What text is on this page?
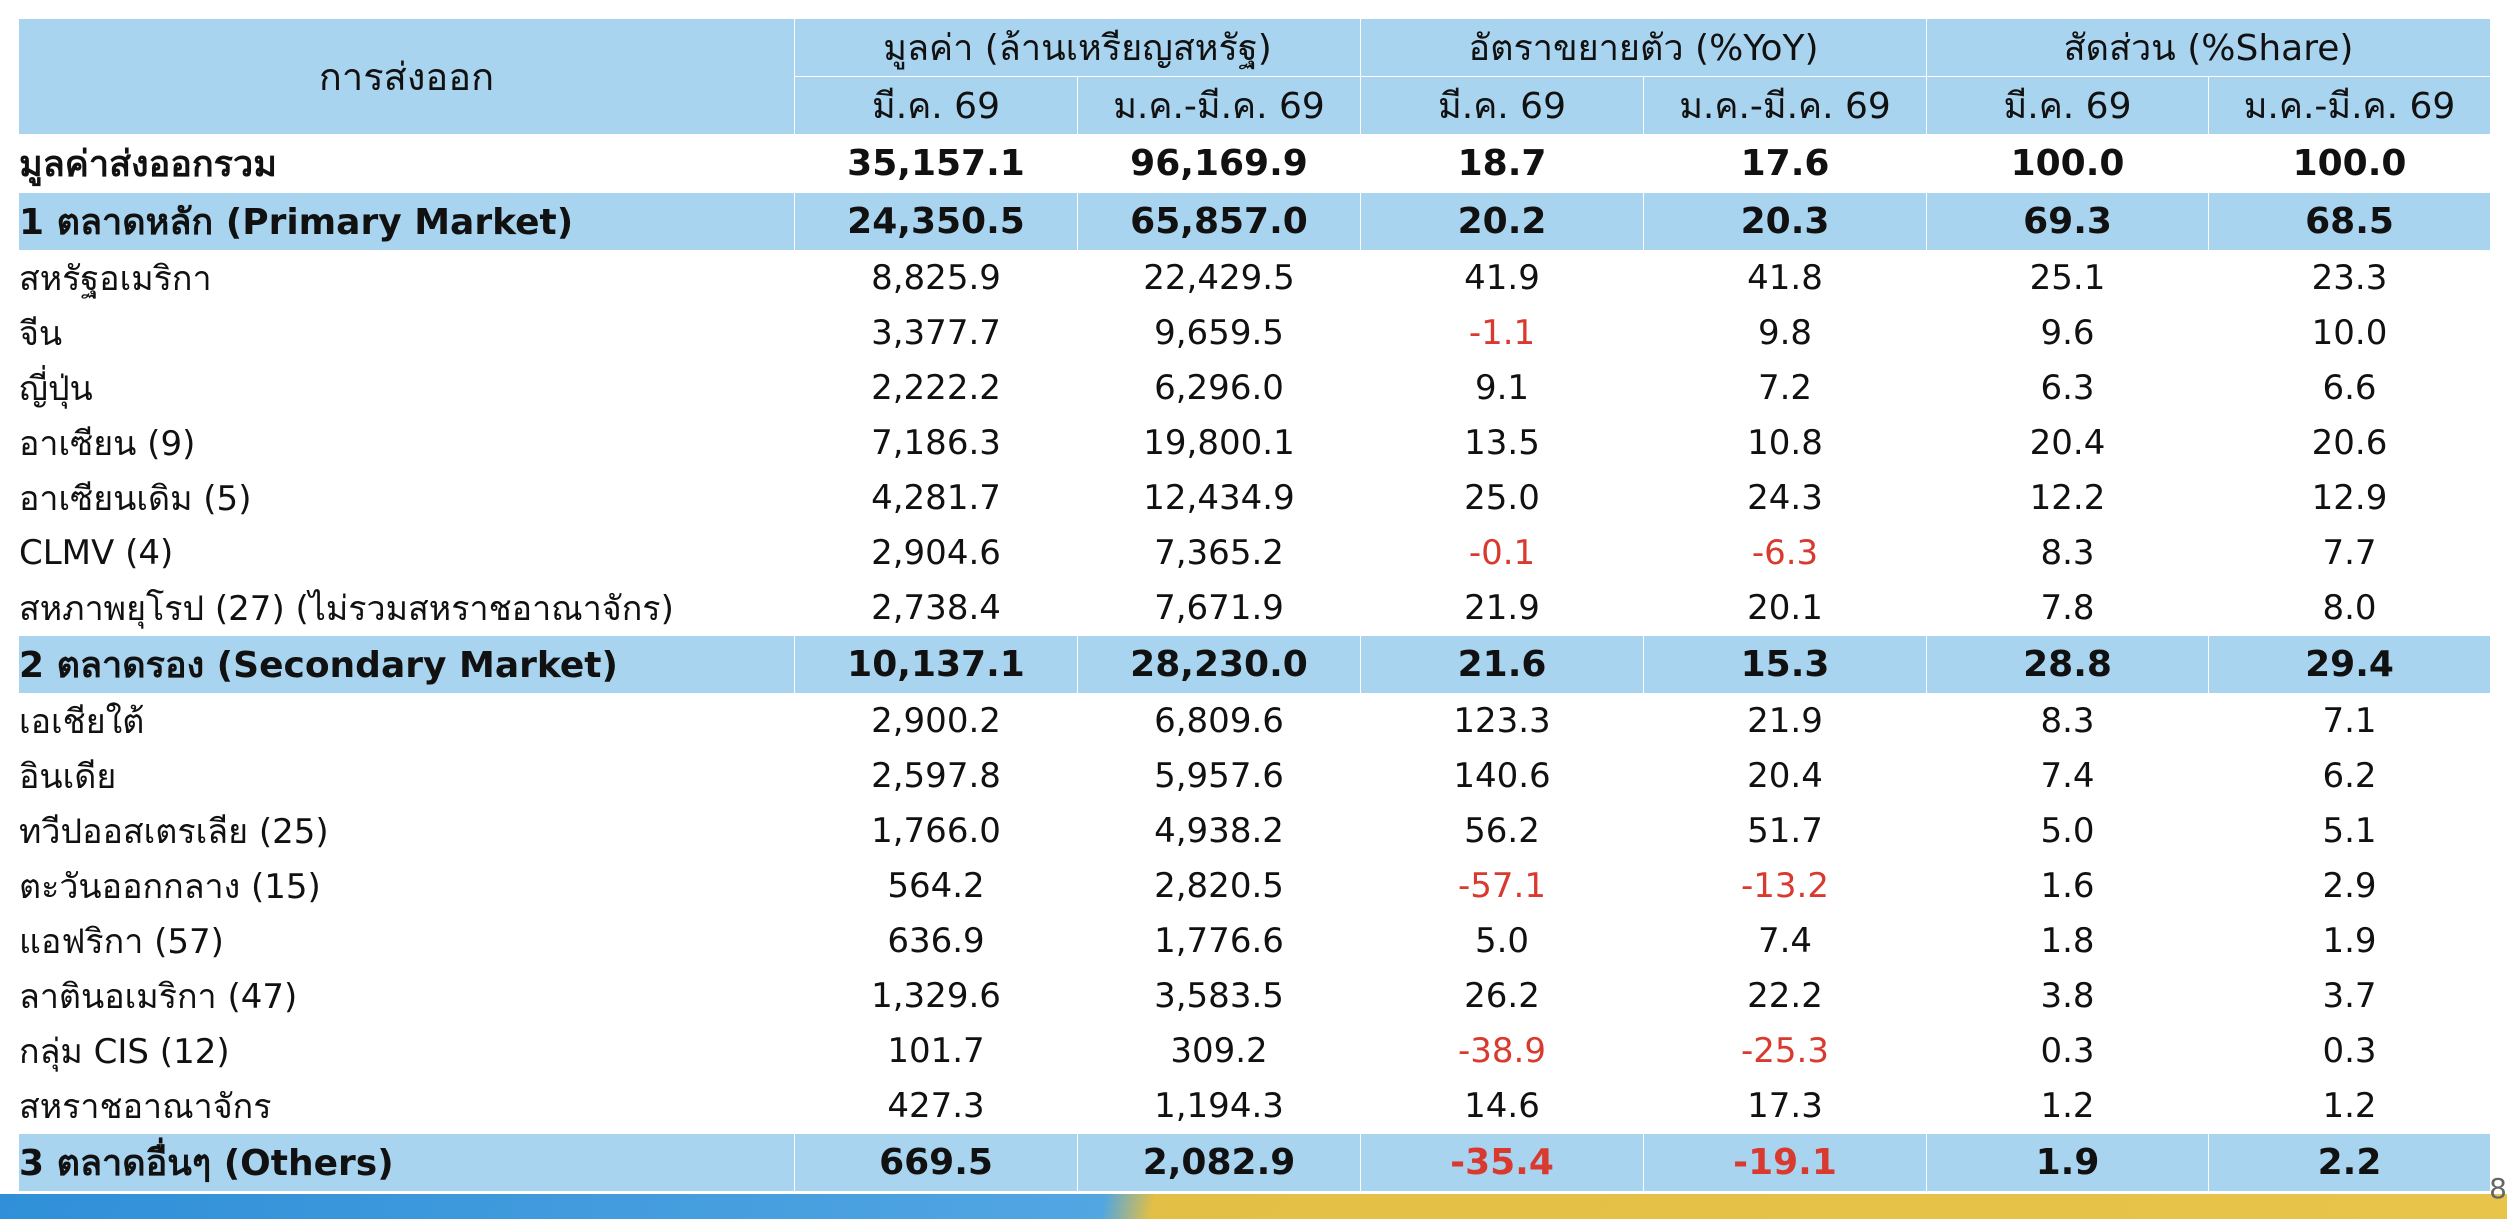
การส่งออก	มูลค่า (ล้านเหรียญสหรัฐ)		อัตราขยายตัว (%YoY)		สัดส่วน (%Share)	
	มี.ค. 69	ม.ค.-มี.ค. 69	มี.ค. 69	ม.ค.-มี.ค. 69	มี.ค. 69	ม.ค.-มี.ค. 69
มูลค่าส่งออกรวม	35,157.1	96,169.9	18.7	17.6	100.0	100.0
1 ตลาดหลัก (Primary Market)	24,350.5	65,857.0	20.2	20.3	69.3	68.5
สหรัฐอเมริกา	8,825.9	22,429.5	41.9	41.8	25.1	23.3
จีน	3,377.7	9,659.5	-1.1	9.8	9.6	10.0
ญี่ปุ่น	2,222.2	6,296.0	9.1	7.2	6.3	6.6
อาเซียน (9)	7,186.3	19,800.1	13.5	10.8	20.4	20.6
อาเซียนเดิม (5)	4,281.7	12,434.9	25.0	24.3	12.2	12.9
CLMV (4)	2,904.6	7,365.2	-0.1	-6.3	8.3	7.7
สหภาพยุโรป (27) (ไม่รวมสหราชอาณาจักร)	2,738.4	7,671.9	21.9	20.1	7.8	8.0
2 ตลาดรอง (Secondary Market)	10,137.1	28,230.0	21.6	15.3	28.8	29.4
เอเชียใต้	2,900.2	6,809.6	123.3	21.9	8.3	7.1
อินเดีย	2,597.8	5,957.6	140.6	20.4	7.4	6.2
ทวีปออสเตรเลีย (25)	1,766.0	4,938.2	56.2	51.7	5.0	5.1
ตะวันออกกลาง (15)	564.2	2,820.5	-57.1	-13.2	1.6	2.9
แอฟริกา (57)	636.9	1,776.6	5.0	7.4	1.8	1.9
ลาตินอเมริกา (47)	1,329.6	3,583.5	26.2	22.2	3.8	3.7
กลุ่ม CIS (12)	101.7	309.2	-38.9	-25.3	0.3	0.3
สหราชอาณาจักร	427.3	1,194.3	14.6	17.3	1.2	1.2
3 ตลาดอื่นๆ (Others)	669.5	2,082.9	-35.4	-19.1	1.9	2.2
8
